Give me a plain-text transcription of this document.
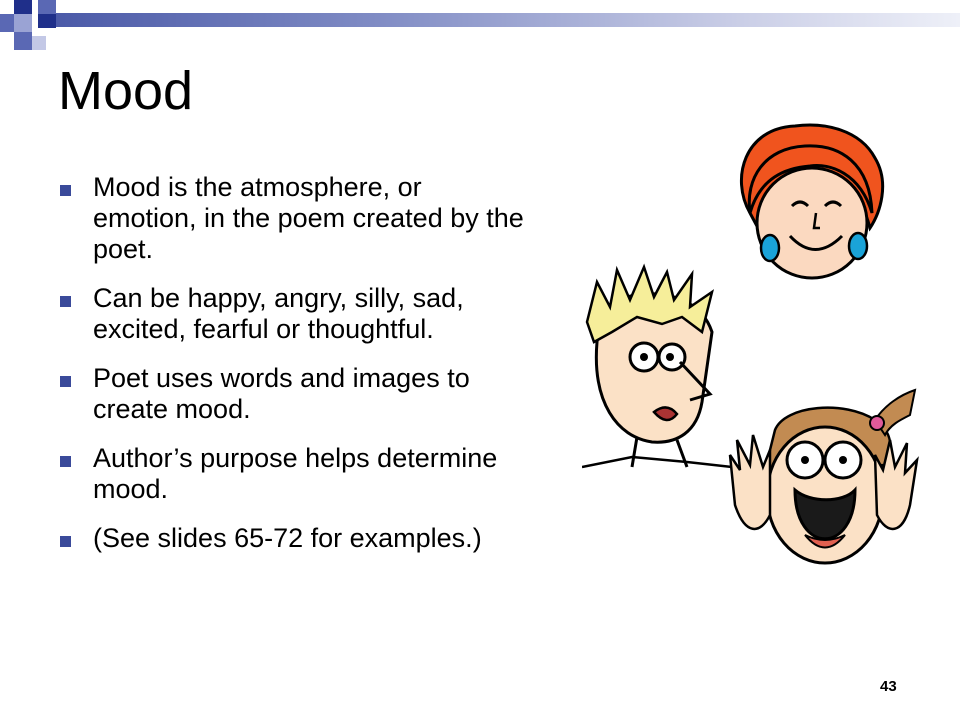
Mood
Mood is the atmosphere, or emotion, in the poem created by the poet.
Can be happy, angry, silly, sad, excited, fearful or thoughtful.
Poet uses words and images to create mood.
Author’s purpose helps determine mood.
(See slides 65-72 for examples.)
43
